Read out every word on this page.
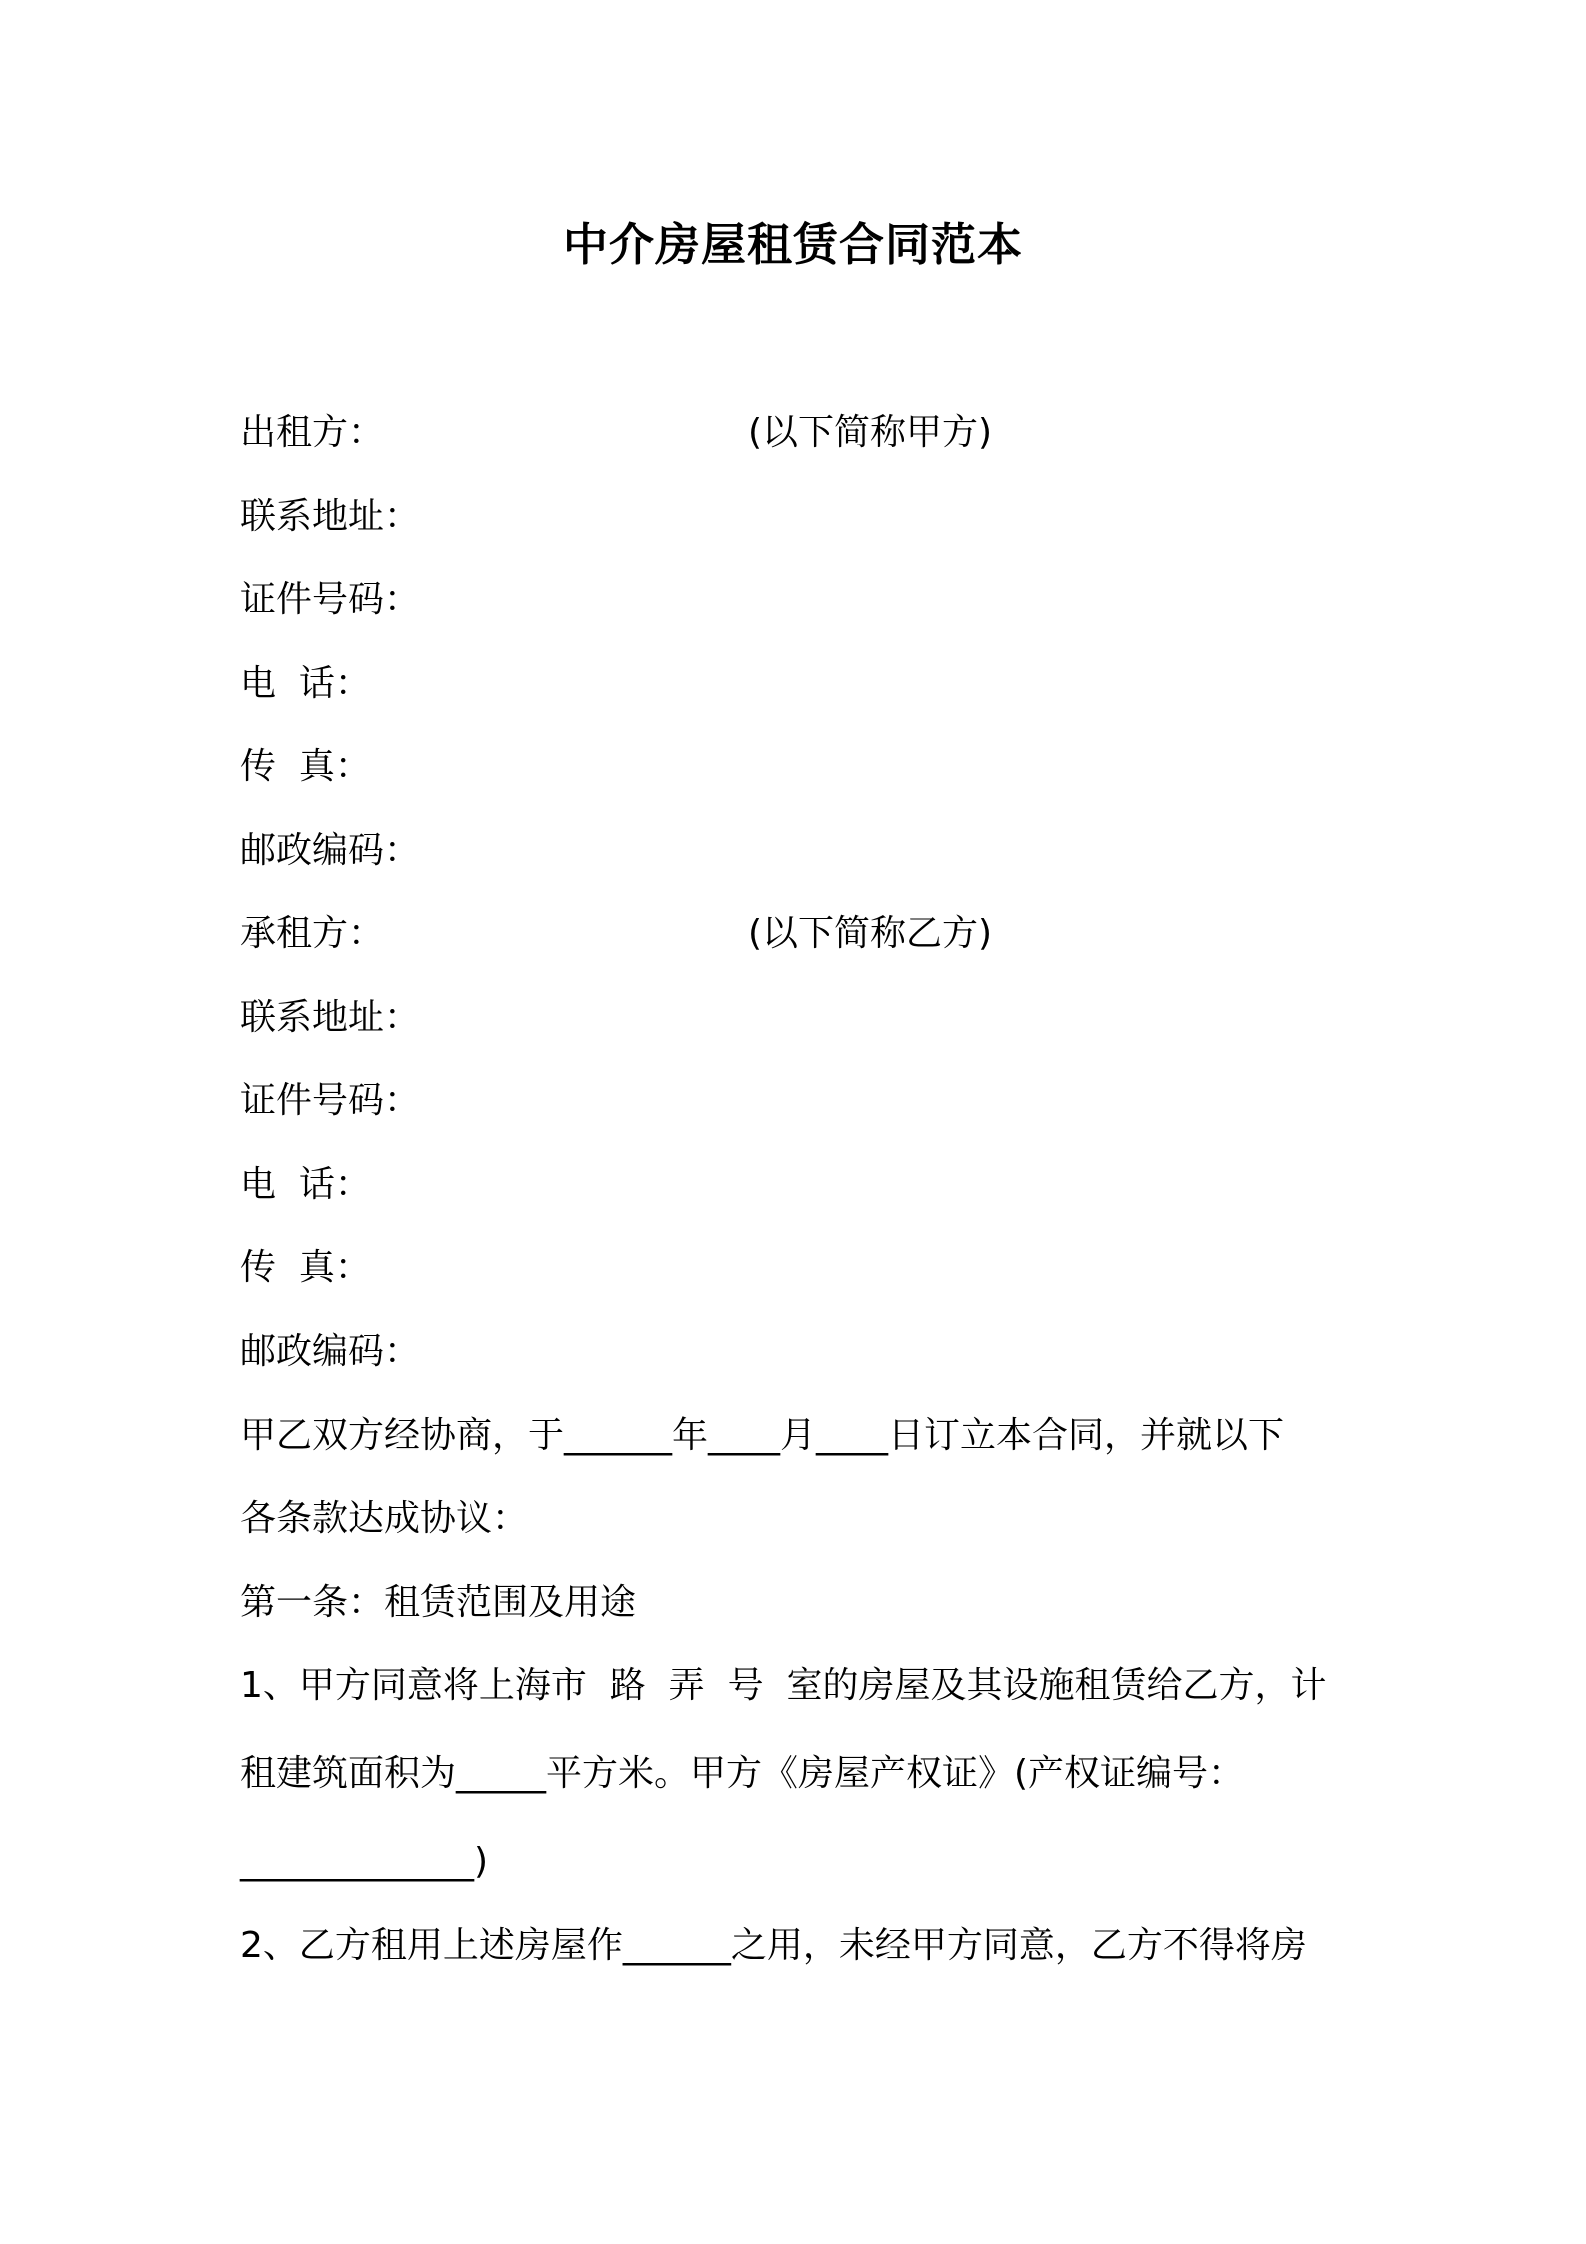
中介房屋租赁合同范本
出租方：	(以下简称甲方)
联系地址：
证件号码：
电  话：
传  真：
邮政编码：
承租方：	(以下简称乙方)
联系地址：
证件号码：
电  话：
传  真：
邮政编码：
甲乙双方经协商，于______年____月____日订立本合同，并就以下
各条款达成协议：
第一条：租赁范围及用途
1、甲方同意将上海市  路  弄  号  室的房屋及其设施租赁给乙方，计
租建筑面积为_____平方米。甲方《房屋产权证》(产权证编号：
_____________)
2、乙方租用上述房屋作______之用，未经甲方同意，乙方不得将房
